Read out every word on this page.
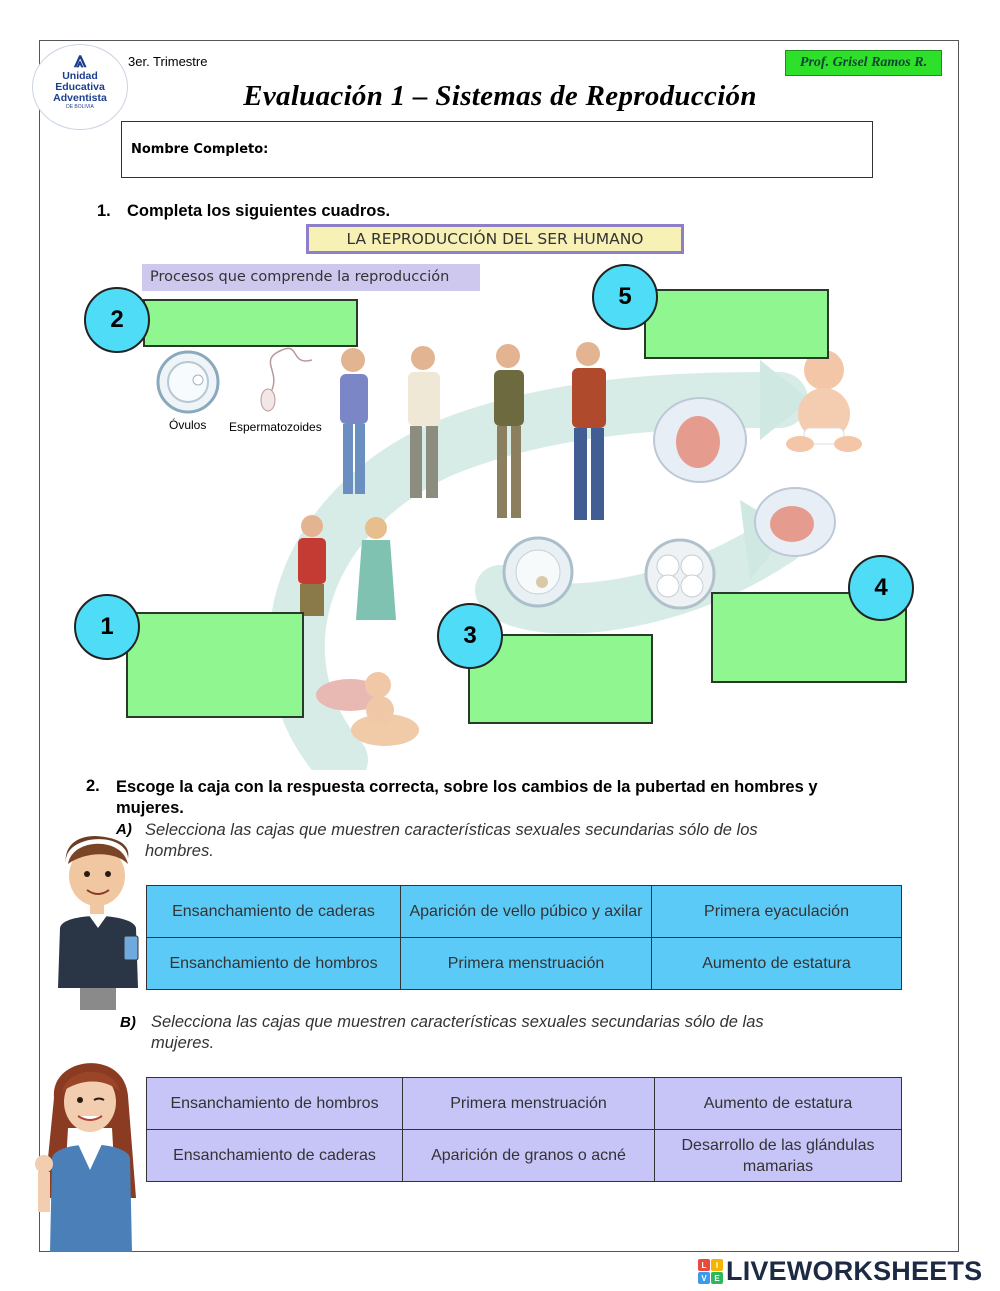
⩓
Unidad
Educativa
Adventista
DE BOLIVIA
3er. Trimestre	Prof. Grisel Ramos R.
Evaluación 1 – Sistemas de Reproducción
Nombre Completo:
1. Completa los siguientes cuadros.
LA REPRODUCCIÓN DEL SER HUMANO
Procesos que comprende la reproducción
Óvulos Espermatozoides
2
5
1	3
4
2. Escoge la caja con la respuesta correcta, sobre los cambios de la pubertad en hombres y
mujeres.
A) Selecciona las cajas que muestren características sexuales secundarias sólo de los
hombres.
Ensanchamiento de caderas	Aparición de vello púbico y axilar	Primera eyaculación
Ensanchamiento de hombros	Primera menstruación	Aumento de estatura
B) Selecciona las cajas que muestren características sexuales secundarias sólo de las
mujeres.
Ensanchamiento de hombros	Primera menstruación	Aumento de estatura
Ensanchamiento de caderas	Aparición de granos o acné	Desarrollo de las glándulas mamarias
L I
V E LIVEWORKSHEETS
